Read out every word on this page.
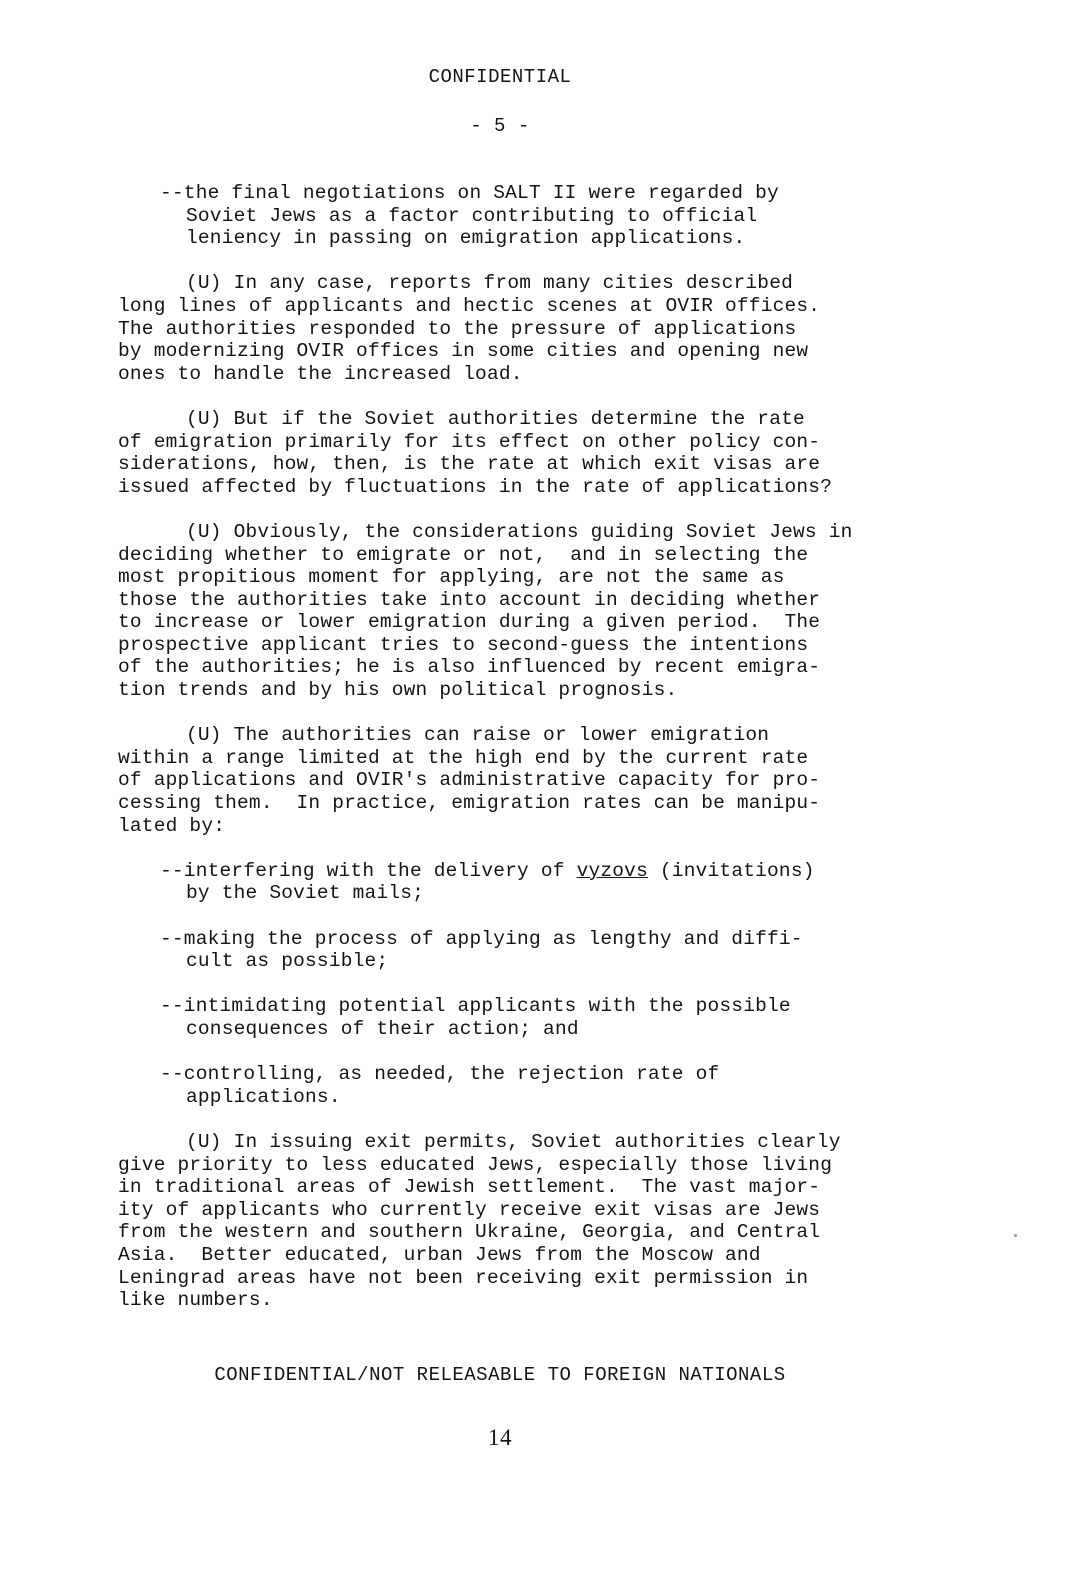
CONFIDENTIAL
- 5 -
--the final negotiations on SALT II were regarded by
Soviet Jews as a factor contributing to official
leniency in passing on emigration applications.
(U) In any case, reports from many cities described
long lines of applicants and hectic scenes at OVIR offices.
The authorities responded to the pressure of applications
by modernizing OVIR offices in some cities and opening new
ones to handle the increased load.
(U) But if the Soviet authorities determine the rate
of emigration primarily for its effect on other policy con-
siderations, how, then, is the rate at which exit visas are
issued affected by fluctuations in the rate of applications?
(U) Obviously, the considerations guiding Soviet Jews in
deciding whether to emigrate or not,  and in selecting the
most propitious moment for applying, are not the same as
those the authorities take into account in deciding whether
to increase or lower emigration during a given period.  The
prospective applicant tries to second-guess the intentions
of the authorities; he is also influenced by recent emigra-
tion trends and by his own political prognosis.
(U) The authorities can raise or lower emigration
within a range limited at the high end by the current rate
of applications and OVIR's administrative capacity for pro-
cessing them.  In practice, emigration rates can be manipu-
lated by:
--interfering with the delivery of vyzovs (invitations)
by the Soviet mails;
--making the process of applying as lengthy and diffi-
cult as possible;
--intimidating potential applicants with the possible
consequences of their action; and
--controlling, as needed, the rejection rate of
applications.
(U) In issuing exit permits, Soviet authorities clearly
give priority to less educated Jews, especially those living
in traditional areas of Jewish settlement.  The vast major-
ity of applicants who currently receive exit visas are Jews
from the western and southern Ukraine, Georgia, and Central
Asia.  Better educated, urban Jews from the Moscow and
Leningrad areas have not been receiving exit permission in
like numbers.
CONFIDENTIAL/NOT RELEASABLE TO FOREIGN NATIONALS
14
